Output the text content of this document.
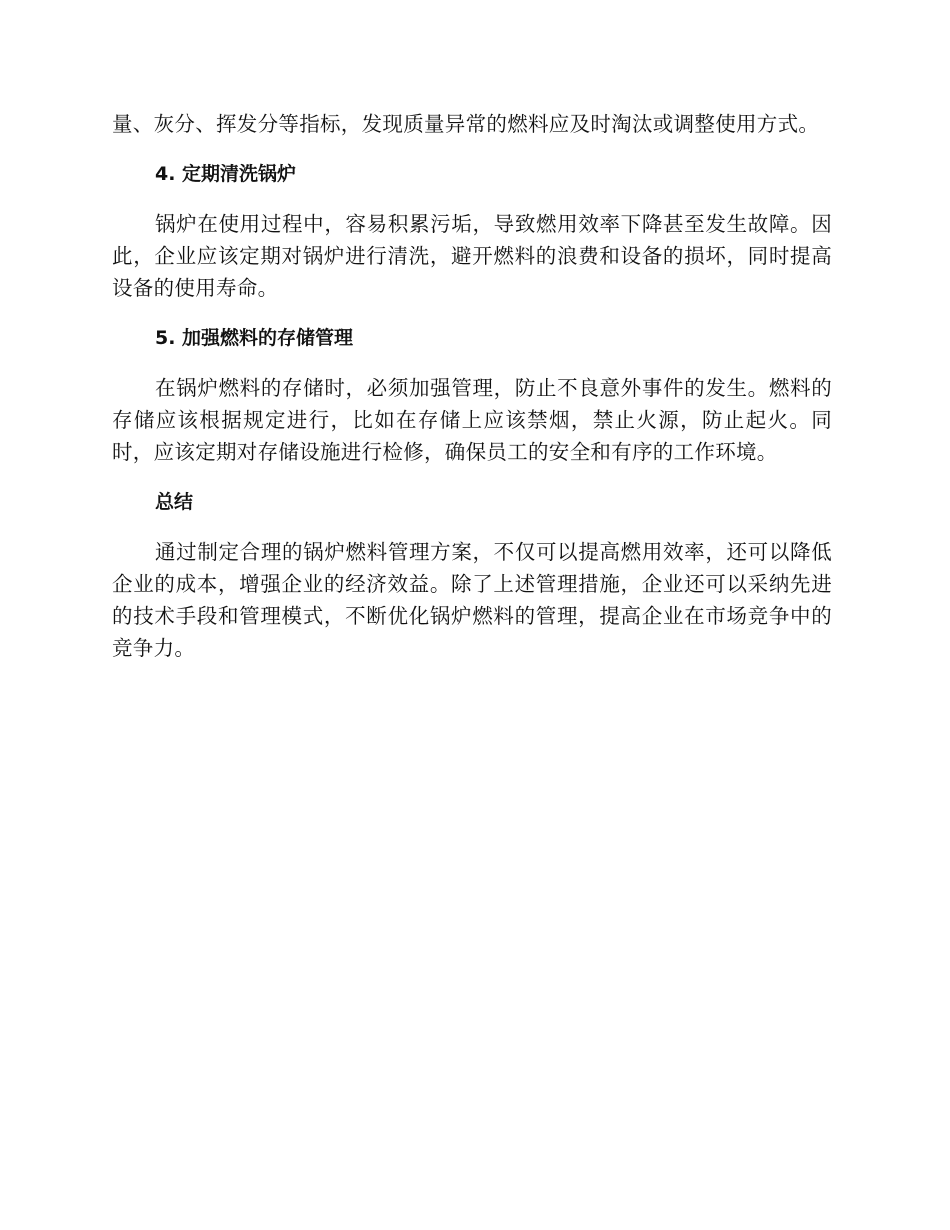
量、灰分、挥发分等指标，发现质量异常的燃料应及时淘汰或调整使用方式。

4. 定期清洗锅炉

锅炉在使用过程中，容易积累污垢，导致燃用效率下降甚至发生故障。因此，企业应该定期对锅炉进行清洗，避开燃料的浪费和设备的损坏，同时提高设备的使用寿命。

5. 加强燃料的存储管理

在锅炉燃料的存储时，必须加强管理，防止不良意外事件的发生。燃料的存储应该根据规定进行，比如在存储上应该禁烟，禁止火源，防止起火。同时，应该定期对存储设施进行检修，确保员工的安全和有序的工作环境。

总结

通过制定合理的锅炉燃料管理方案，不仅可以提高燃用效率，还可以降低企业的成本，增强企业的经济效益。除了上述管理措施，企业还可以采纳先进的技术手段和管理模式，不断优化锅炉燃料的管理，提高企业在市场竞争中的竞争力。
